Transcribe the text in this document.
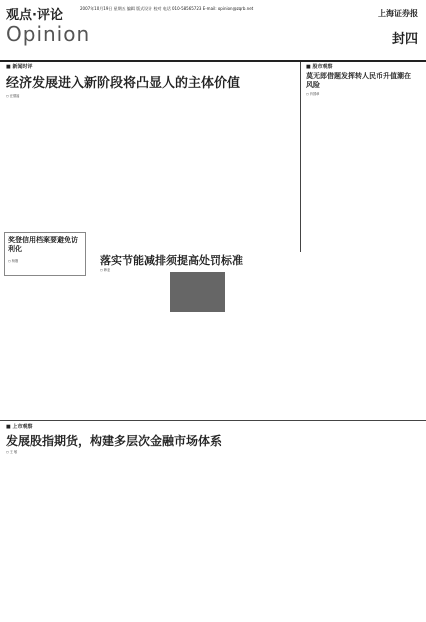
观点·评论
Opinion
2007年10月19日 星期五 编辑 版式设计 校对 电话 010-58565723 E-mail: opinion@zqrb.net	上海证券报
封四
■ 新闻时评
经济发展进入新阶段将凸显人的主体价值
○ 汪德福
■ 股市观察
莫无郎借题发挥转人民币升值潮在风险
○ 肖国章
奖登信用档案要避免访利化
○ 杨刚	落实节能减排须提高处罚标准
○ 韩亚
■ 上市观察
发展股指期货，构建多层次金融市场体系
○ 王 敏
